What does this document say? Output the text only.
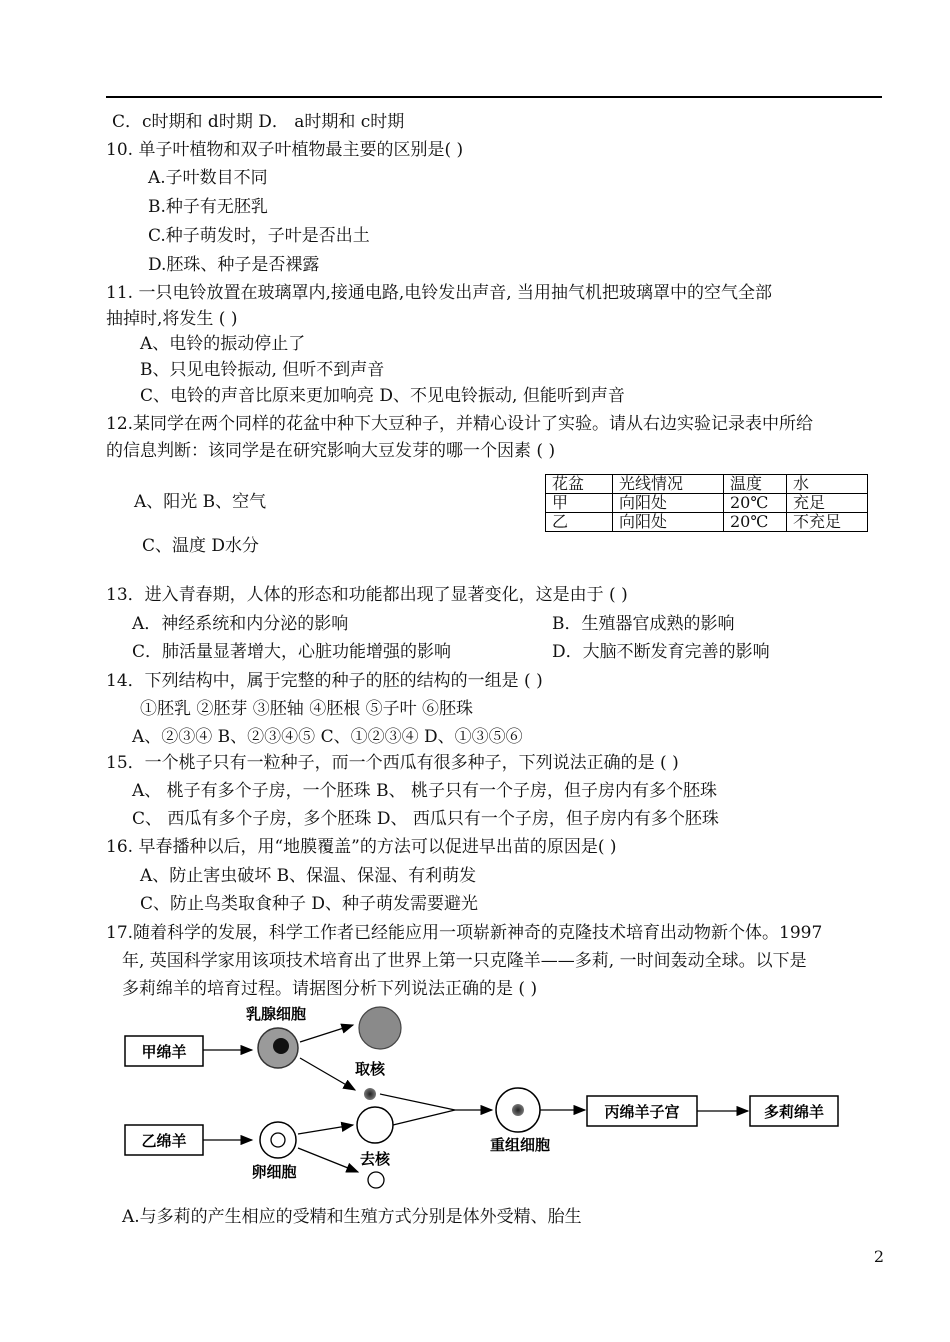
C．c时期和 d时期 D． a时期和 c时期
10. 单子叶植物和双子叶植物最主要的区别是( )
A.子叶数目不同
B.种子有无胚乳
C.种子萌发时，子叶是否出土
D.胚珠、种子是否裸露
11. 一只电铃放置在玻璃罩内,接通电路,电铃发出声音, 当用抽气机把玻璃罩中的空气全部
抽掉时,将发生 ( )
A、电铃的振动停止了
B、只见电铃振动, 但听不到声音
C、电铃的声音比原来更加响亮 D、不见电铃振动, 但能听到声音
12.某同学在两个同样的花盆中种下大豆种子，并精心设计了实验。请从右边实验记录表中所给
的信息判断：该同学是在研究影响大豆发芽的哪一个因素 ( )
A、阳光 B、空气
C、温度 D水分
花盆	光线情况	温度	水
甲	向阳处	20℃	充足
乙	向阳处	20℃	不充足
13．进入青春期，人体的形态和功能都出现了显著变化，这是由于 ( )
A．神经系统和内分泌的影响	B．生殖器官成熟的影响
C．肺活量显著增大，心脏功能增强的影响	D．大脑不断发育完善的影响
14．下列结构中，属于完整的种子的胚的结构的一组是 ( )
①胚乳 ②胚芽 ③胚轴 ④胚根 ⑤子叶 ⑥胚珠
A、②③④ B、②③④⑤ C、①②③④ D、①③⑤⑥
15．一个桃子只有一粒种子，而一个西瓜有很多种子，下列说法正确的是 ( )
A、 桃子有多个子房，一个胚珠 B、 桃子只有一个子房，但子房内有多个胚珠
C、 西瓜有多个子房，多个胚珠 D、 西瓜只有一个子房，但子房内有多个胚珠
16. 早春播种以后，用“地膜覆盖”的方法可以促进早出苗的原因是( )
A、防止害虫破坏 B、保温、保湿、有利萌发
C、防止鸟类取食种子 D、种子萌发需要避光
17.随着科学的发展，科学工作者已经能应用一项崭新神奇的克隆技术培育出动物新个体。1997
年, 英国科学家用该项技术培育出了世界上第一只克隆羊——多莉, 一时间轰动全球。以下是
多莉绵羊的培育过程。请据图分析下列说法正确的是 ( )
甲绵羊
乳腺细胞
取核
乙绵羊
卵细胞
去核
重组细胞
丙绵羊子宫	多莉绵羊
A.与多莉的产生相应的受精和生殖方式分别是体外受精、胎生
2
